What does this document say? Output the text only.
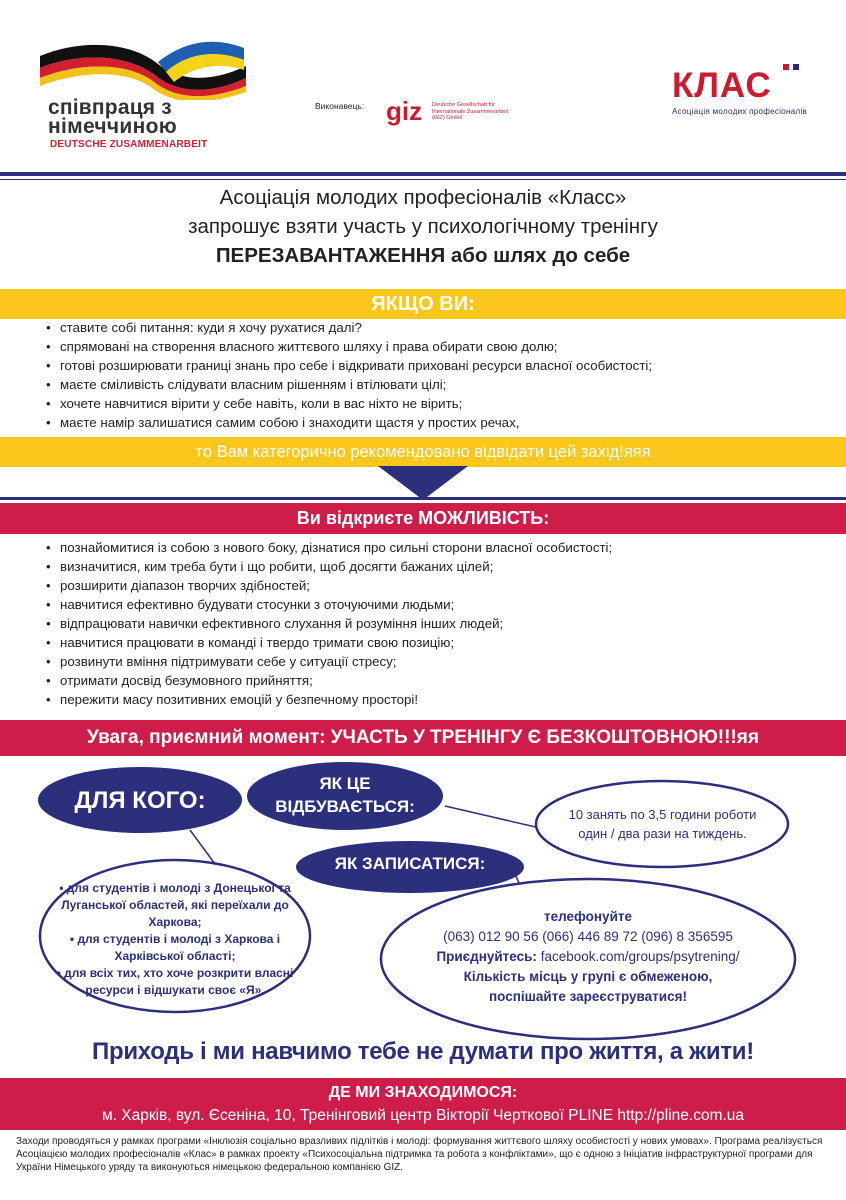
співпраця з
німеччиною
DEUTSCHE ZUSAMMENARBEIT
Виконавець: giz Deutsche Gesellschaft für Internationale Zusammenarbeit (GIZ) GmbH
КЛАС
Асоціація молодих професіоналів
Асоціація молодих професіоналів «Класс»
запрошує взяти участь у психологічному тренінгу
ПЕРЕЗАВАНТАЖЕННЯ або шлях до себе
ЯКЩО ВИ:
• ставите собі питання: куди я хочу рухатися далі?
• спрямовані на створення власного життєвого шляху і права обирати свою долю;
• готові розширювати границі знань про себе і відкривати приховані ресурси власної особистості;
• маєте сміливість слідувати власним рішенням і втілювати цілі;
• хочете навчитися вірити у себе навіть, коли в вас ніхто не вірить;
• маєте намір залишатися самим собою і знаходити щастя у простих речах,
то Вам категорично рекомендовано відвідати цей захід!яяя
Ви відкриєте МОЖЛИВІСТЬ:
• познайомитися із собою з нового боку, дізнатися про сильні сторони власної особистості;
• визначитися, ким треба бути і що робити, щоб досягти бажаних цілей;
• розширити діапазон творчих здібностей;
• навчитися ефективно будувати стосунки з оточуючими людьми;
• відпрацювати навички ефективного слухання й розуміння інших людей;
• навчитися працювати в команді і твердо тримати свою позицію;
• розвинути вміння підтримувати себе у ситуації стресу;
• отримати досвід безумовного прийняття;
• пережити масу позитивних емоцій у безпечному просторі!
Увага, приємний момент: УЧАСТЬ У ТРЕНІНГУ Є БЕЗКОШТОВНОЮ!!!яя
ДЛЯ КОГО:
ЯК ЦЕ
ВІДБУВАЄТЬСЯ:	10 занять по 3,5 години роботи
один / два рази на тиждень.
ЯК ЗАПИСАТИСЯ:
• для студентів і молоді з Донецької та Луганської областей, які переїхали до Харкова;
• для студентів і молоді з Харкова і Харківської області;
• для всіх тих, хто хоче розкрити власні ресурси і відшукати своє «Я».
телефонуйте
(063) 012 90 56 (066) 446 89 72 (096) 8 356595
Приєднуйтесь: facebook.com/groups/psytrening/
Кількість місць у групі є обмеженою,
поспішайте зареєструватися!
Приходь і ми навчимо тебе не думати про життя, а жити!
ДЕ МИ ЗНАХОДИМОСЯ:
м. Харків, вул. Єсеніна, 10, Тренінговий центр Вікторії Черткової PLINE http://pline.com.ua
Заходи проводяться у рамках програми «Інклюзія соціально вразливих підлітків і молоді: формування життєвого шляху особистості у нових умовах». Програма реалізується Асоціацією молодих професіоналів «Клас» в рамках проекту «Психосоціальна підтримка та робота з конфліктами», що є одною з Ініціатив інфраструктурної програми для України Німецького уряду та виконуються німецькою федеральною компанією GIZ.
